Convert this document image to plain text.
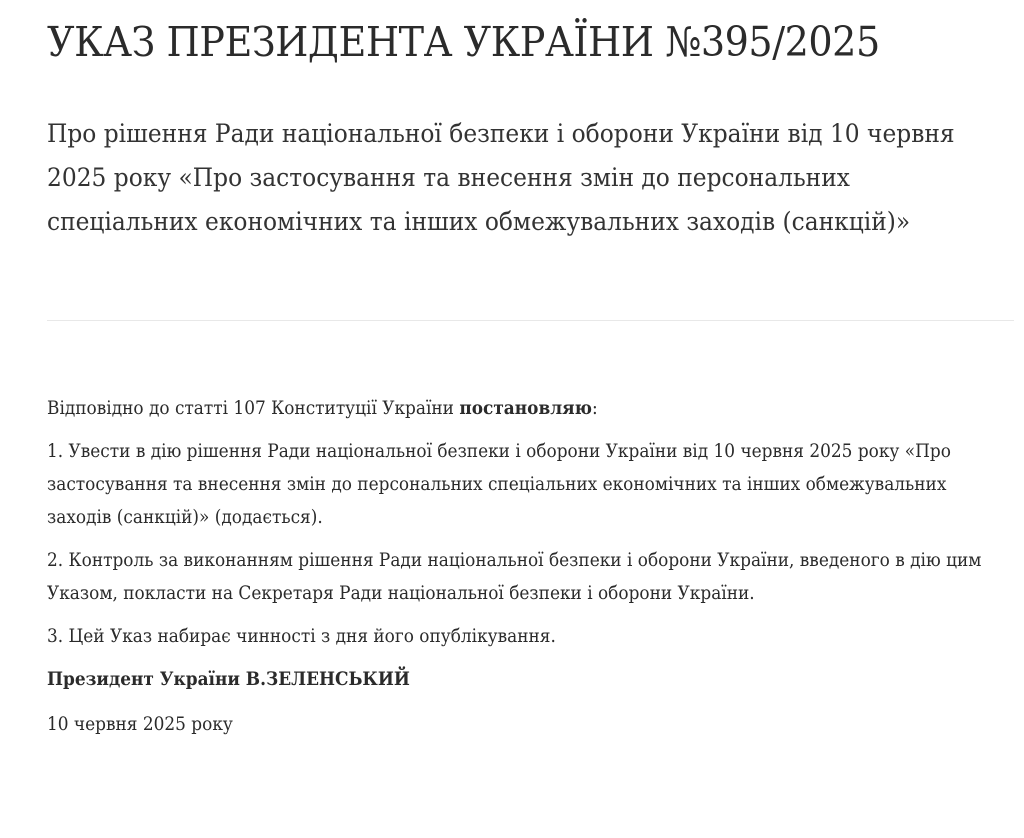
УКАЗ ПРЕЗИДЕНТА УКРАЇНИ №395/2025
Про рішення Ради національної безпеки і оборони України від 10 червня 2025 року «Про застосування та внесення змін до персональних спеціальних економічних та інших обмежувальних заходів (санкцій)»

Відповідно до статті 107 Конституції України постановляю:

1. Увести в дію рішення Ради національної безпеки і оборони України від 10 червня 2025 року «Про застосування та внесення змін до персональних спеціальних економічних та інших обмежувальних заходів (санкцій)» (додається).

2. Контроль за виконанням рішення Ради національної безпеки і оборони України, введеного в дію цим Указом, покласти на Секретаря Ради національної безпеки і оборони України.

3. Цей Указ набирає чинності з дня його опублікування.

Президент України В.ЗЕЛЕНСЬКИЙ

10 червня 2025 року
